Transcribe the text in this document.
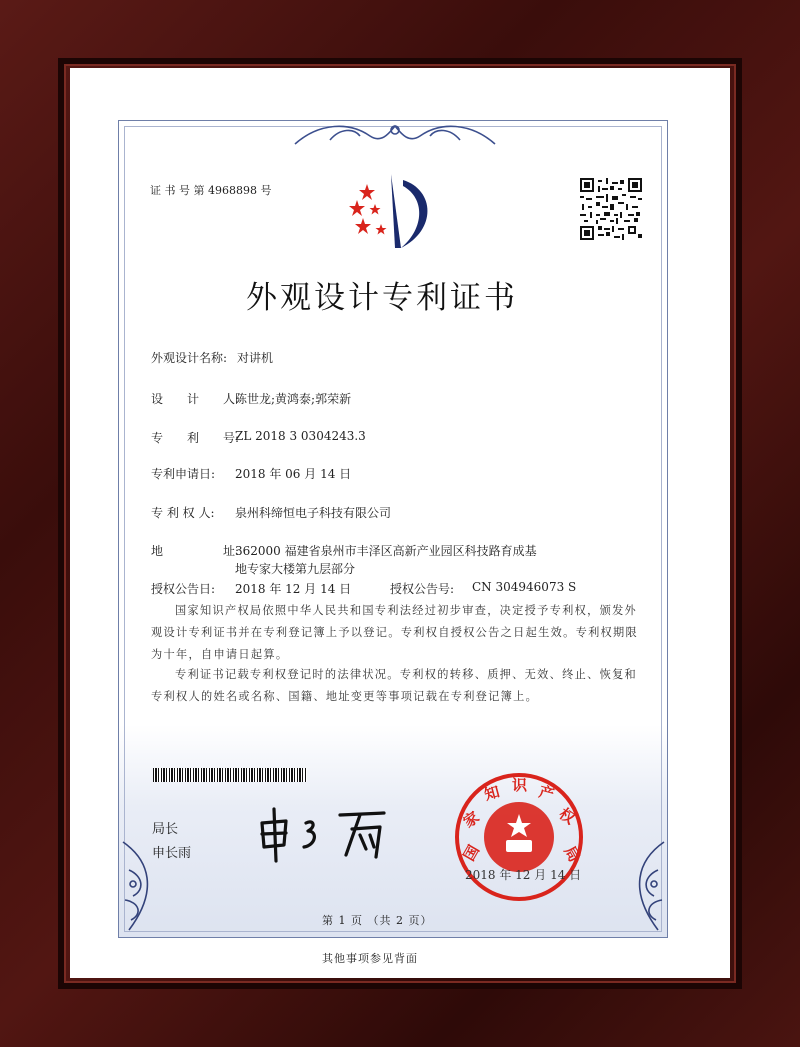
证 书 号 第 4968898 号
外观设计专利证书
外观设计名称: 对讲机
设　　计　　人:
陈世龙;黄鸿泰;郭荣新
专　　利　　号:
ZL 2018 3 0304243.3
专利申请日: 2018 年 06 月 14 日
专 利 权 人: 泉州科缔恒电子科技有限公司
地　　　　　址:
362000 福建省泉州市丰泽区高新产业园区科技路育成基
地专家大楼第九层部分
授权公告日: 2018 年 12 月 14 日	授权公告号: CN 304946073 S
国家知识产权局依照中华人民共和国专利法经过初步审查，决定授予专利权，颁发外观设计专利证书并在专利登记簿上予以登记。专利权自授权公告之日起生效。专利权期限为十年，自申请日起算。
专利证书记载专利权登记时的法律状况。专利权的转移、质押、无效、终止、恢复和专利权人的姓名或名称、国籍、地址变更等事项记载在专利登记簿上。
局长
申长雨	国
家
知 识 产
权
局
2018 年 12 月 14 日
第 1 页 （共 2 页）
其他事项参见背面
